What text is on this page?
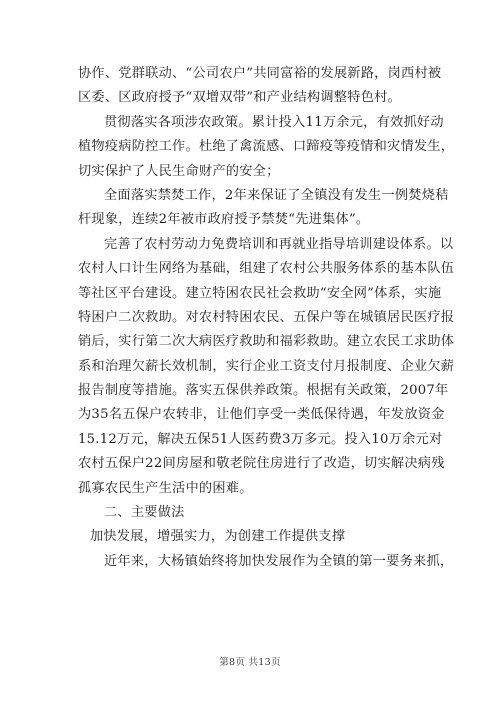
协作、党群联动、“公司农户”共同富裕的发展新路，岗西村被
区委、区政府授予“双增双带”和产业结构调整特色村。
贯彻落实各项涉农政策。累计投入11万余元，有效抓好动
植物疫病防控工作。杜绝了禽流感、口蹄疫等疫情和灾情发生，
切实保护了人民生命财产的安全；
全面落实禁焚工作，2年来保证了全镇没有发生一例焚烧秸
杆现象，连续2年被市政府授予禁焚“先进集体”。
完善了农村劳动力免费培训和再就业指导培训建设体系。以
农村人口计生网络为基础，组建了农村公共服务体系的基本队伍
等社区平台建设。建立特困农民社会救助“安全网”体系，实施
特困户二次救助。对农村特困农民、五保户等在城镇居民医疗报
销后，实行第二次大病医疗救助和福彩救助。建立农民工求助体
系和治理欠薪长效机制，实行企业工资支付月报制度、企业欠薪
报告制度等措施。落实五保供养政策。根据有关政策，2007年
为35名五保户农转非，让他们享受一类低保待遇，年发放资金
15.12万元，解决五保51人医药费3万多元。投入10万余元对
农村五保户22间房屋和敬老院住房进行了改造，切实解决病残
孤寡农民生产生活中的困难。
二、主要做法
加快发展，增强实力，为创建工作提供支撑
近年来，大杨镇始终将加快发展作为全镇的第一要务来抓，
第8页 共13页
